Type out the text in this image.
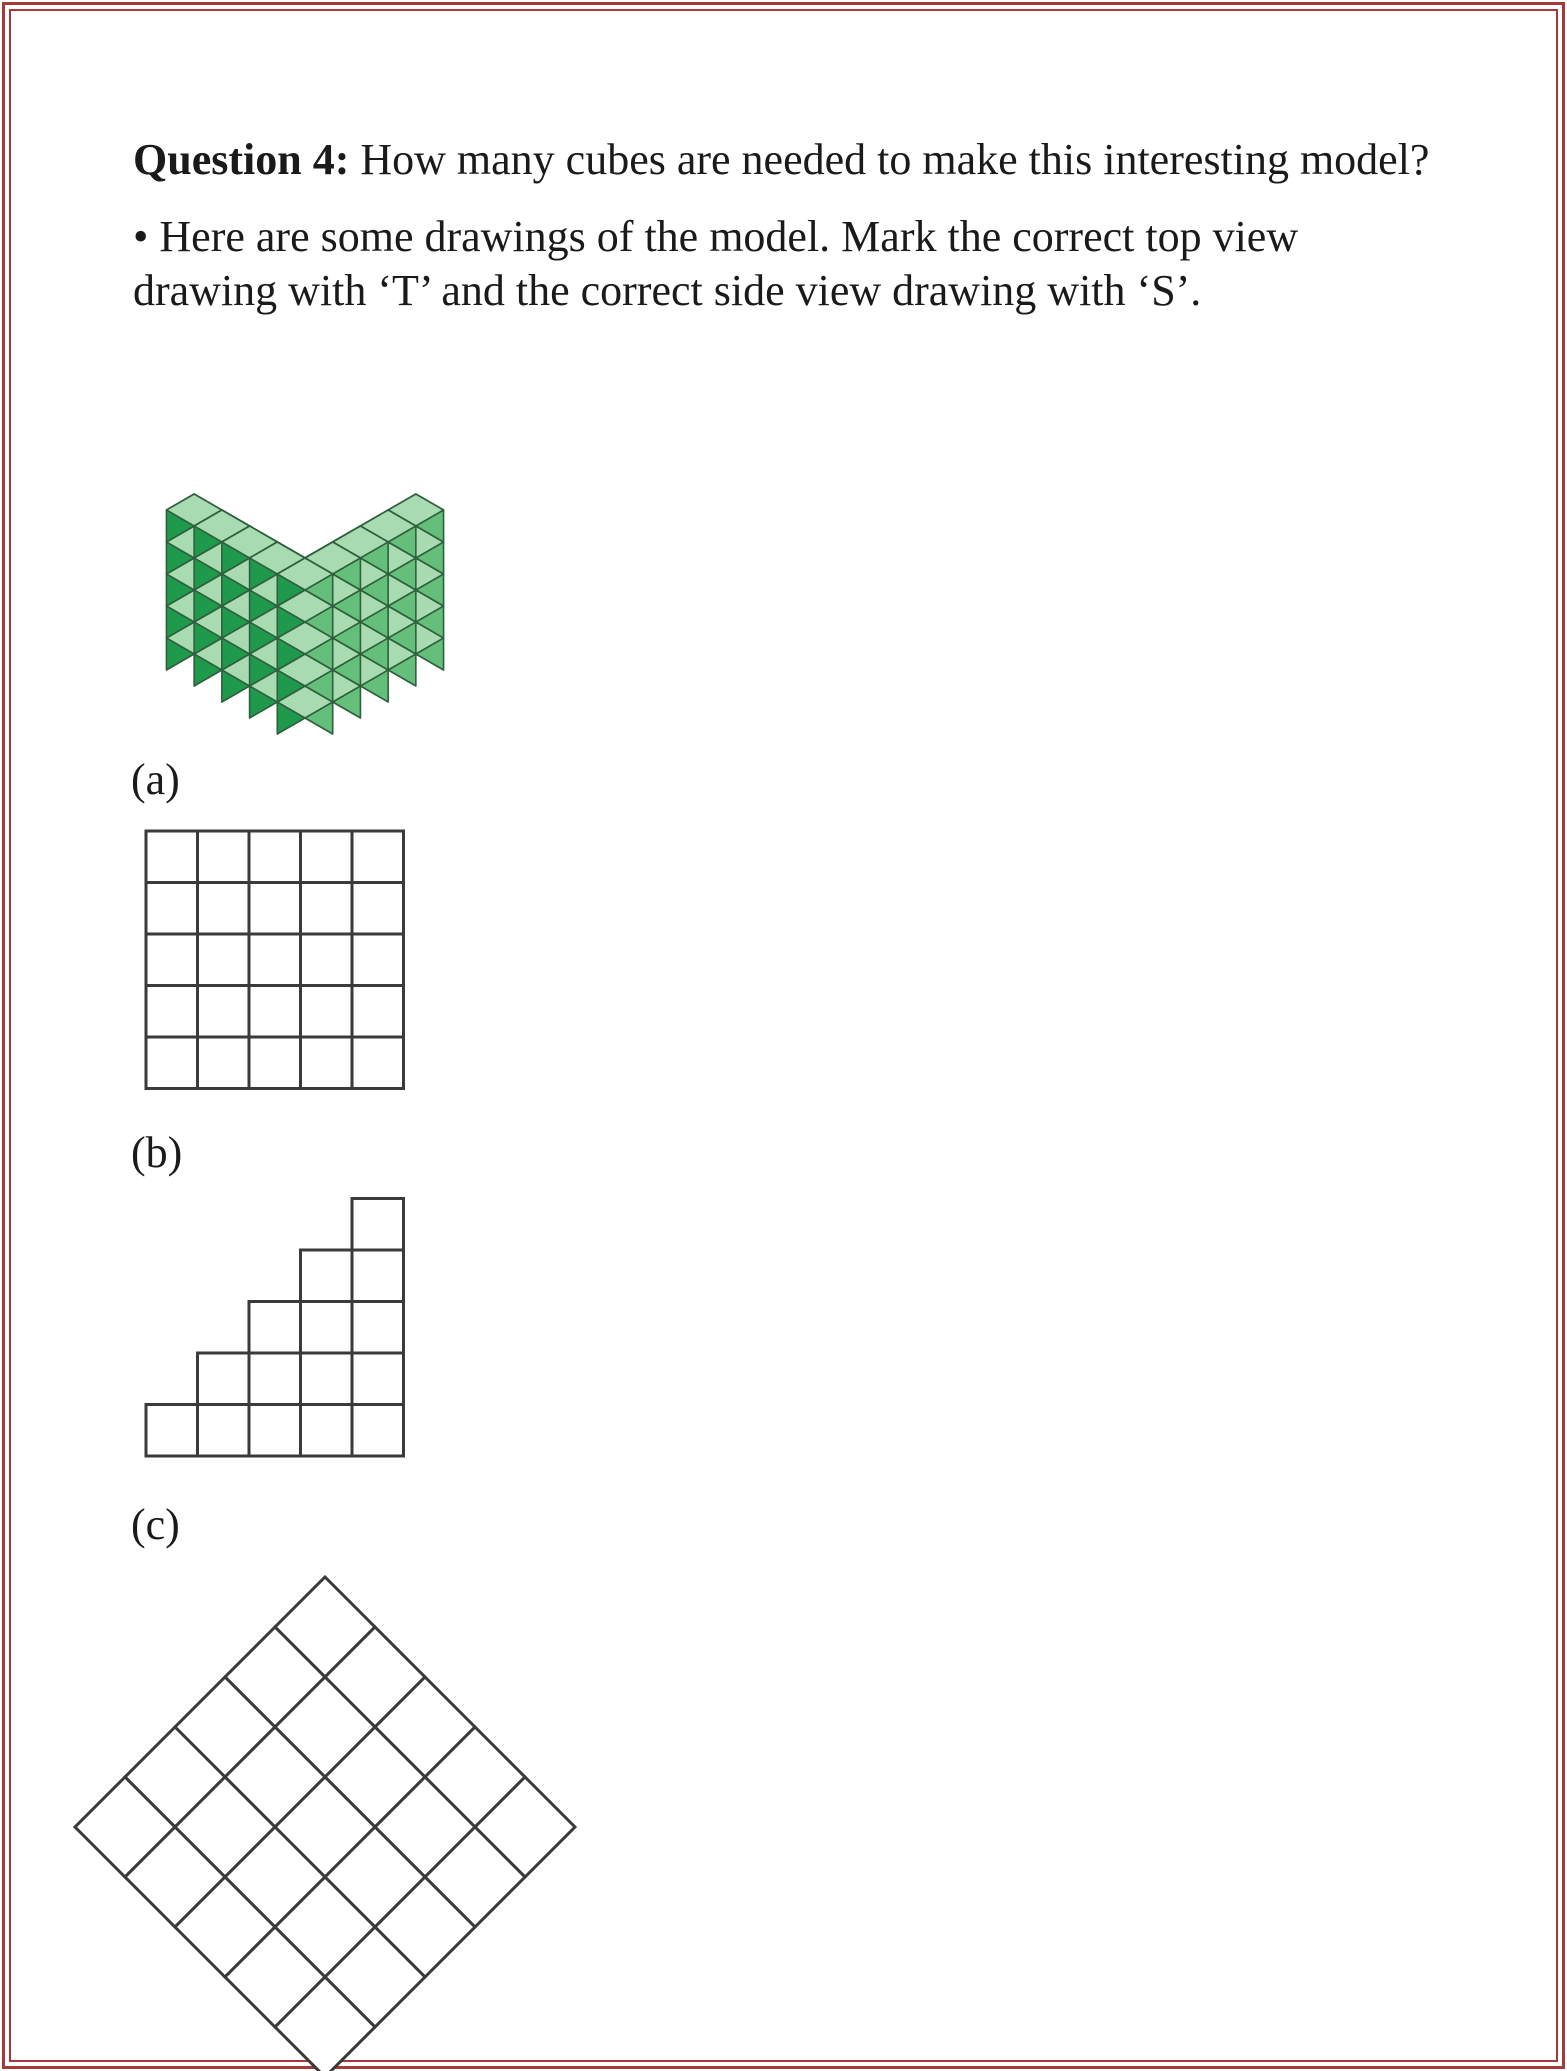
Question 4: How many cubes are needed to make this interesting model?
• Here are some drawings of the model. Mark the correct top view drawing with ‘T’ and the correct side view drawing with ‘S’.
(a)
(b)
(c)
